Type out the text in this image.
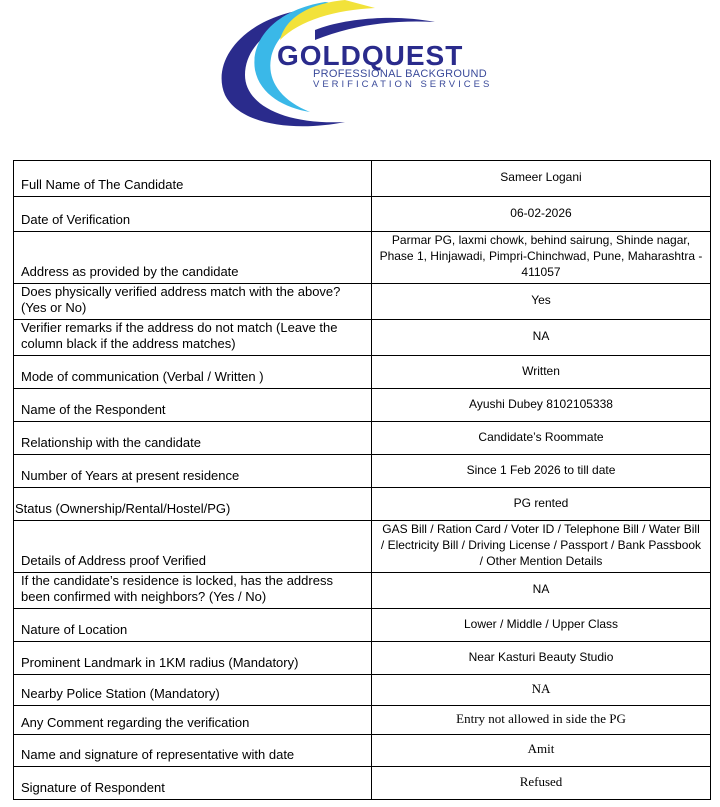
GOLDQUEST
PROFESSIONAL BACKGROUND
VERIFICATION SERVICES
Full Name of The Candidate	Sameer Logani
Date of Verification	06-02-2026
Address as provided by the candidate	Parmar PG, laxmi chowk, behind sairung, Shinde nagar, Phase 1, Hinjawadi, Pimpri-Chinchwad, Pune, Maharashtra - 411057
Does physically verified address match with the above? (Yes or No)	Yes
Verifier remarks if the address do not match (Leave the column black if the address matches)	NA
Mode of communication (Verbal / Written )	Written
Name of the Respondent	Ayushi Dubey 8102105338
Relationship with the candidate	Candidate’s Roommate
Number of Years at present residence	Since 1 Feb 2026 to till date
Status (Ownership/Rental/Hostel/PG)	PG rented
Details of Address proof Verified	GAS Bill / Ration Card / Voter ID / Telephone Bill / Water Bill / Electricity Bill / Driving License / Passport / Bank Passbook / Other Mention Details
If the candidate’s residence is locked, has the address been confirmed with neighbors? (Yes / No)	NA
Nature of Location	Lower / Middle / Upper Class
Prominent Landmark in 1KM radius (Mandatory)	Near Kasturi Beauty Studio
Nearby Police Station (Mandatory)	NA
Any Comment regarding the verification	Entry not allowed in side the PG
Name and signature of representative with date	Amit
Signature of Respondent	Refused
